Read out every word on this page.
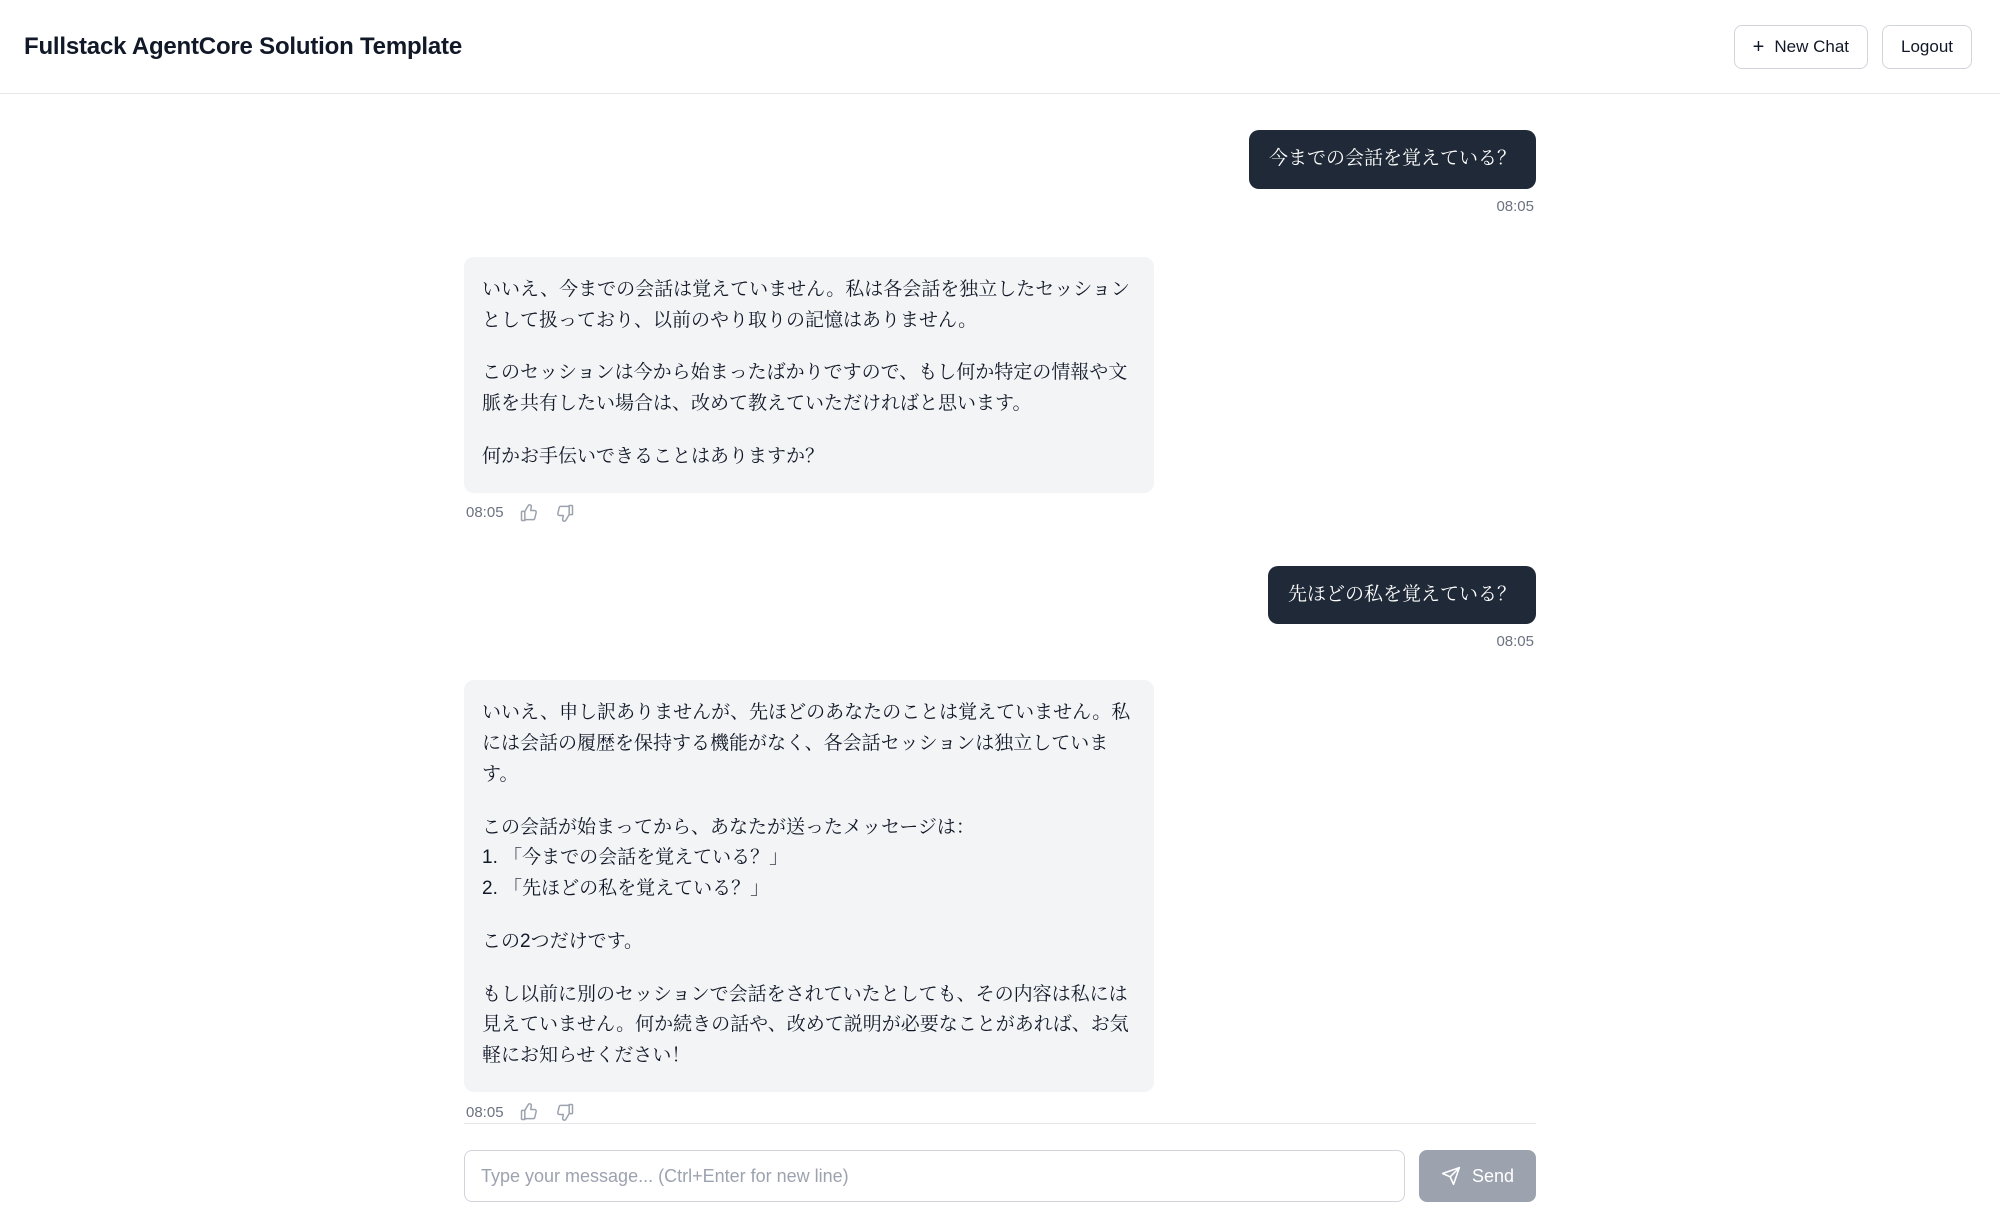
Fullstack AgentCore Solution Template	+ New Chat	Logout
今までの会話を覚えている？
08:05

いいえ、今までの会話は覚えていません。私は各会話を独立したセッションとして扱っており、以前のやり取りの記憶はありません。

このセッションは今から始まったばかりですので、もし何か特定の情報や文脈を共有したい場合は、改めて教えていただければと思います。

何かお手伝いできることはありますか？

08:05
先ほどの私を覚えている？
08:05

いいえ、申し訳ありませんが、先ほどのあなたのことは覚えていません。私には会話の履歴を保持する機能がなく、各会話セッションは独立しています。

この会話が始まってから、あなたが送ったメッセージは：

1. 「今までの会話を覚えている？」

2. 「先ほどの私を覚えている？」

この2つだけです。

もし以前に別のセッションで会話をされていたとしても、その内容は私には見えていません。何か続きの話や、改めて説明が必要なことがあれば、お気軽にお知らせください！

08:05
Type your message... (Ctrl+Enter for new line)
Send
